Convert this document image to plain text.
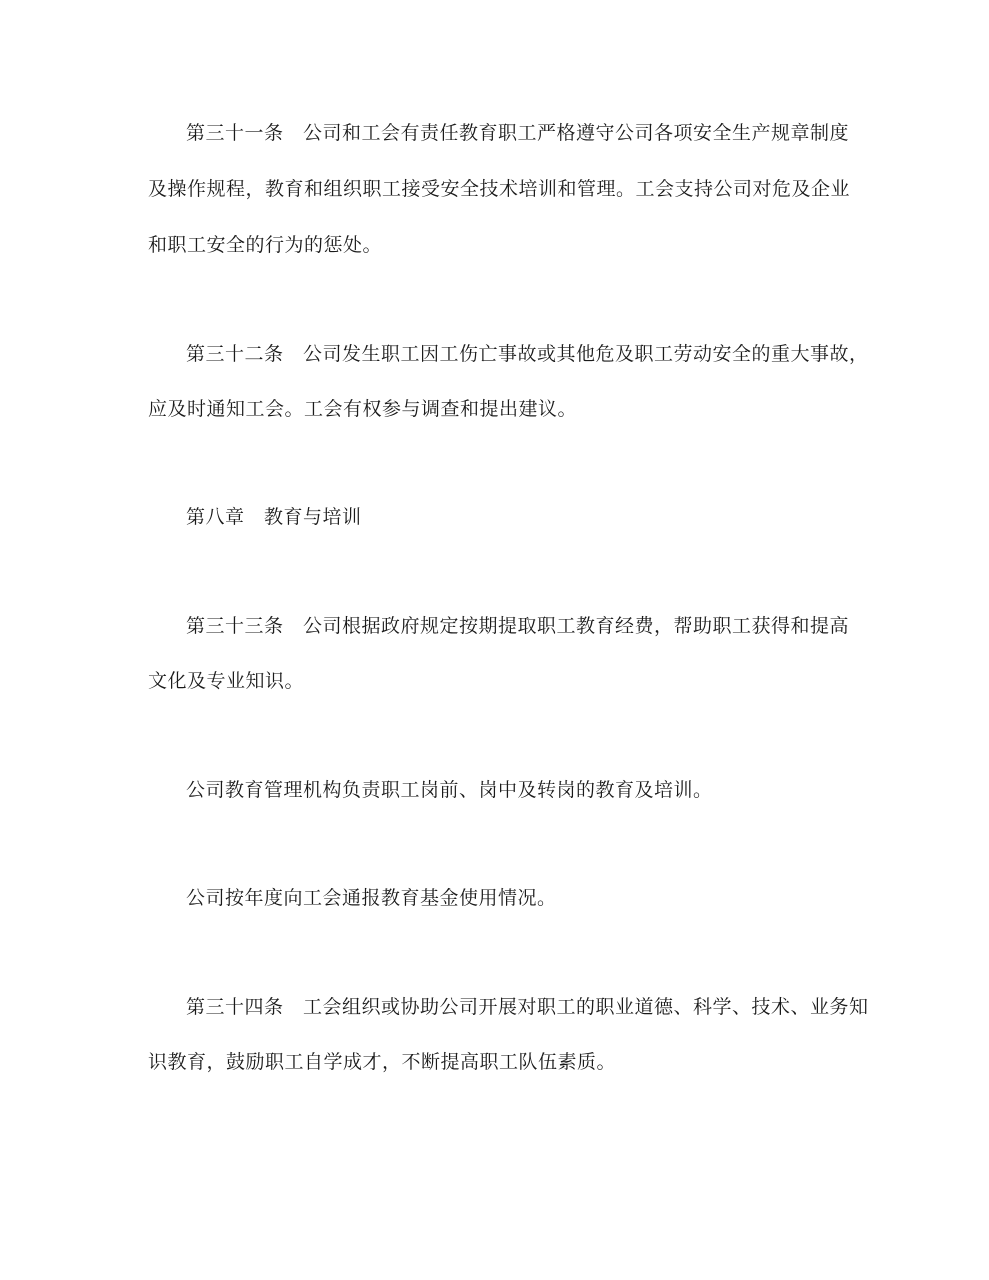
第三十一条　公司和工会有责任教育职工严格遵守公司各项安全生产规章制度
及操作规程，教育和组织职工接受安全技术培训和管理。工会支持公司对危及企业
和职工安全的行为的惩处。
第三十二条　公司发生职工因工伤亡事故或其他危及职工劳动安全的重大事故，
应及时通知工会。工会有权参与调查和提出建议。
第八章　教育与培训
第三十三条　公司根据政府规定按期提取职工教育经费，帮助职工获得和提高
文化及专业知识。
公司教育管理机构负责职工岗前、岗中及转岗的教育及培训。
公司按年度向工会通报教育基金使用情况。
第三十四条　工会组织或协助公司开展对职工的职业道德、科学、技术、业务知
识教育，鼓励职工自学成才，不断提高职工队伍素质。
